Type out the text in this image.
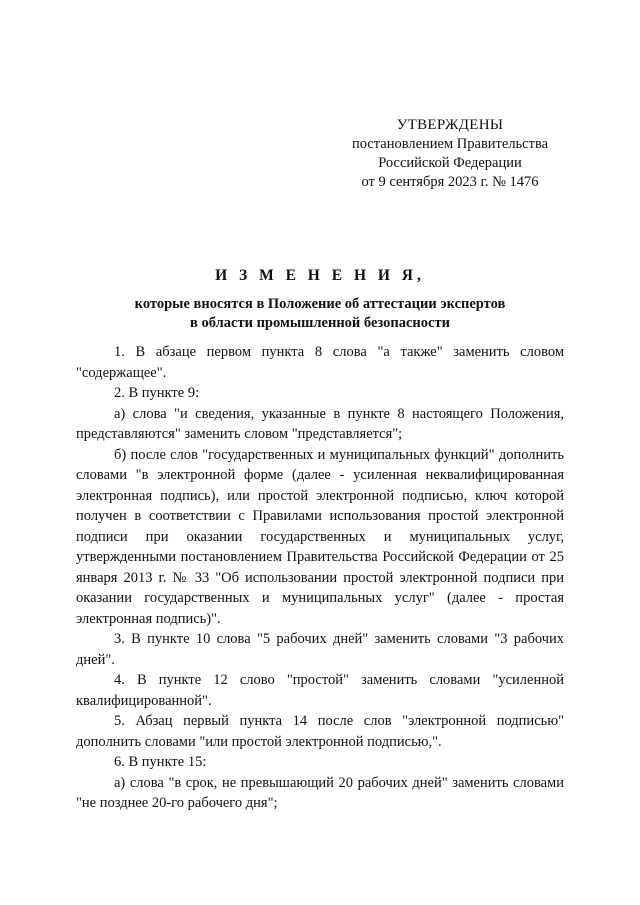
УТВЕРЖДЕНЫ
постановлением Правительства
Российской Федерации
от 9 сентября 2023 г. № 1476
И З М Е Н Е Н И Я,
которые вносятся в Положение об аттестации экспертов
в области промышленной безопасности

1. В абзаце первом пункта 8 слова "а также" заменить словом "содержащее".

2. В пункте 9:

а) слова "и сведения, указанные в пункте 8 настоящего Положения, представляются" заменить словом "представляется";

б) после слов "государственных и муниципальных функций" дополнить словами "в электронной форме (далее - усиленная неквалифицированная электронная подпись), или простой электронной подписью, ключ которой получен в соответствии с Правилами использования простой электронной подписи при оказании государственных и муниципальных услуг, утвержденными постановлением Правительства Российской Федерации от 25 января 2013 г. № 33 "Об использовании простой электронной подписи при оказании государственных и муниципальных услуг" (далее - простая электронная подпись)".

3. В пункте 10 слова "5 рабочих дней" заменить словами "3 рабочих дней".

4. В пункте 12 слово "простой" заменить словами "усиленной квалифицированной".

5. Абзац первый пункта 14 после слов "электронной подписью" дополнить словами "или простой электронной подписью,".

6. В пункте 15:

а) слова "в срок, не превышающий 20 рабочих дней" заменить словами "не позднее 20-го рабочего дня";
